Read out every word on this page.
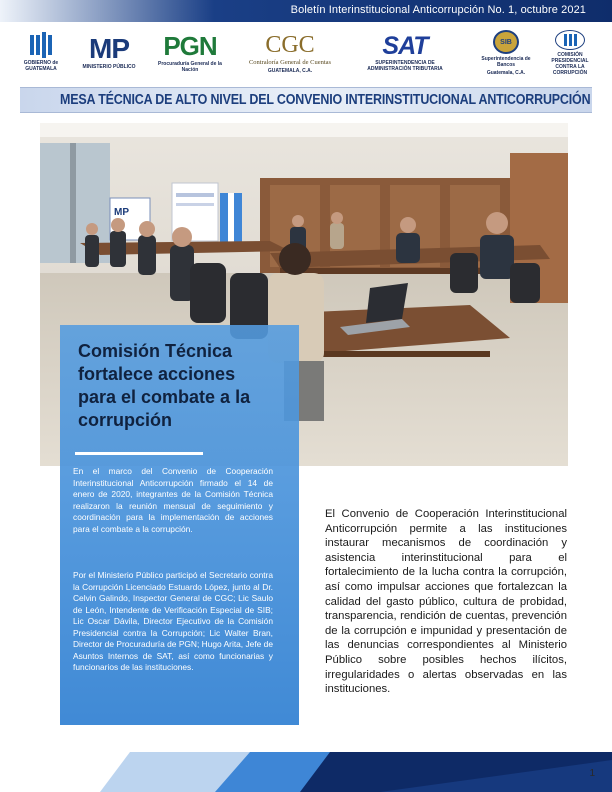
Boletín Interinstitucional Anticorrupción No. 1, octubre 2021
GOBIERNO de GUATEMALA
MP
MINISTERIO PÚBLICO
PGN
Procuraduría General de la Nación
CGC
Contraloría General de Cuentas
GUATEMALA, C.A.
SAT
SUPERINTENDENCIA DE ADMINISTRACIÓN TRIBUTARIA
SIB
Superintendencia de Bancos
Guatemala, C.A.
COMISIÓN PRESIDENCIAL CONTRA LA CORRUPCIÓN
MESA TÉCNICA DE ALTO NIVEL DEL CONVENIO INTERINSTITUCIONAL ANTICORRUPCIÓN
MP
Comisión Técnica fortalece acciones para el combate a la corrupción

En el marco del Convenio de Cooperación Interinstitucional Anticorrupción firmado el 14 de enero de 2020, integrantes de la Comisión Técnica realizaron la reunión mensual de seguimiento y coordinación para la implementación de acciones para el combate a la corrupción.

Por el Ministerio Público participó el Secretario contra la Corrupción Licenciado Estuardo López, junto al Dr. Celvin Galindo, Inspector General de CGC; Lic Saulo de León, Intendente de Verificación Especial de SIB; Lic Oscar Dávila, Director Ejecutivo de la Comisión Presidencial contra la Corrupción; Lic Walter Bran, Director de Procuraduría de PGN; Hugo Arita, Jefe de Asuntos Internos de SAT, así como funcionarias y funcionarios de las instituciones.

El Convenio de Cooperación Interinstitucional Anticorrupción permite a las instituciones instaurar mecanismos de coordinación y asistencia interinstitucional para el fortalecimiento de la lucha contra la corrupción, así como impulsar acciones que fortalezcan la calidad del gasto público, cultura de probidad, transparencia, rendición de cuentas, prevención de la corrupción e impunidad y presentación de las denuncias correspondientes al Ministerio Público sobre posibles hechos ilícitos, irregularidades o alertas observadas en las instituciones.

1
